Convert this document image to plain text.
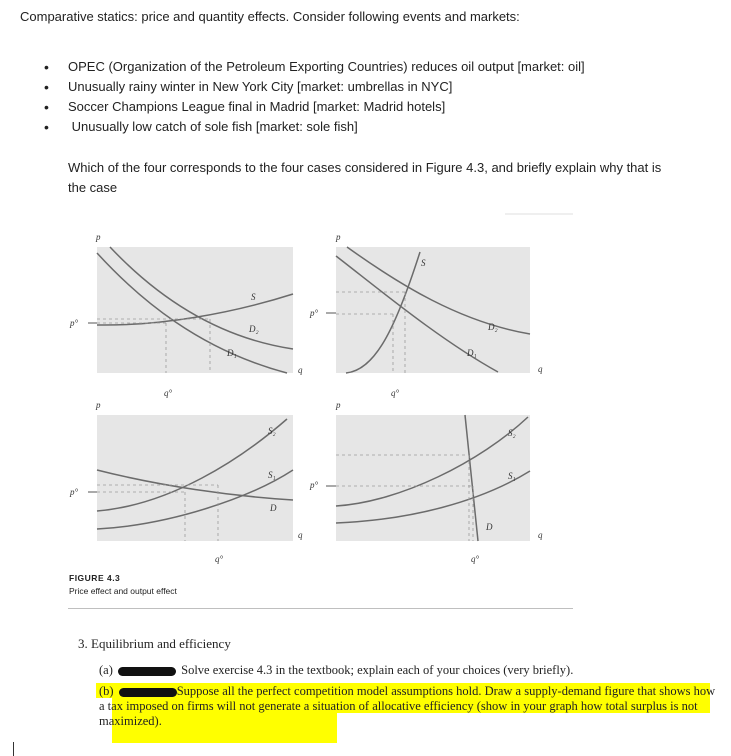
Comparative statics: price and quantity effects. Consider following events and markets:
• OPEC (Organization of the Petroleum Exporting Countries) reduces oil output [market: oil]
• Unusually rainy winter in New York City [market: umbrellas in NYC]
• Soccer Champions League final in Madrid [market: Madrid hotels]
•  Unusually low catch of sole fish [market: sole fish]
Which of the four corresponds to the four cases considered in Figure 4.3, and briefly explain why that is the case
p
p°
S
D₂
D₁
q
q°
p
p°
S
D₂
D₁
q
q°
p
p°
S₂
S₁
D
q
q°
p
p°
S₂
S₁
D
q
q°
FIGURE 4.3
Price effect and output effect
3. Equilibrium and efficiency
(a)	Solve exercise 4.3 in the textbook; explain each of your choices (very briefly).
(b)	Suppose all the perfect competition model assumptions hold. Draw a supply-demand figure that shows how a tax imposed on firms will not generate a situation of allocative efficiency (show in your graph how total surplus is not maximized).
